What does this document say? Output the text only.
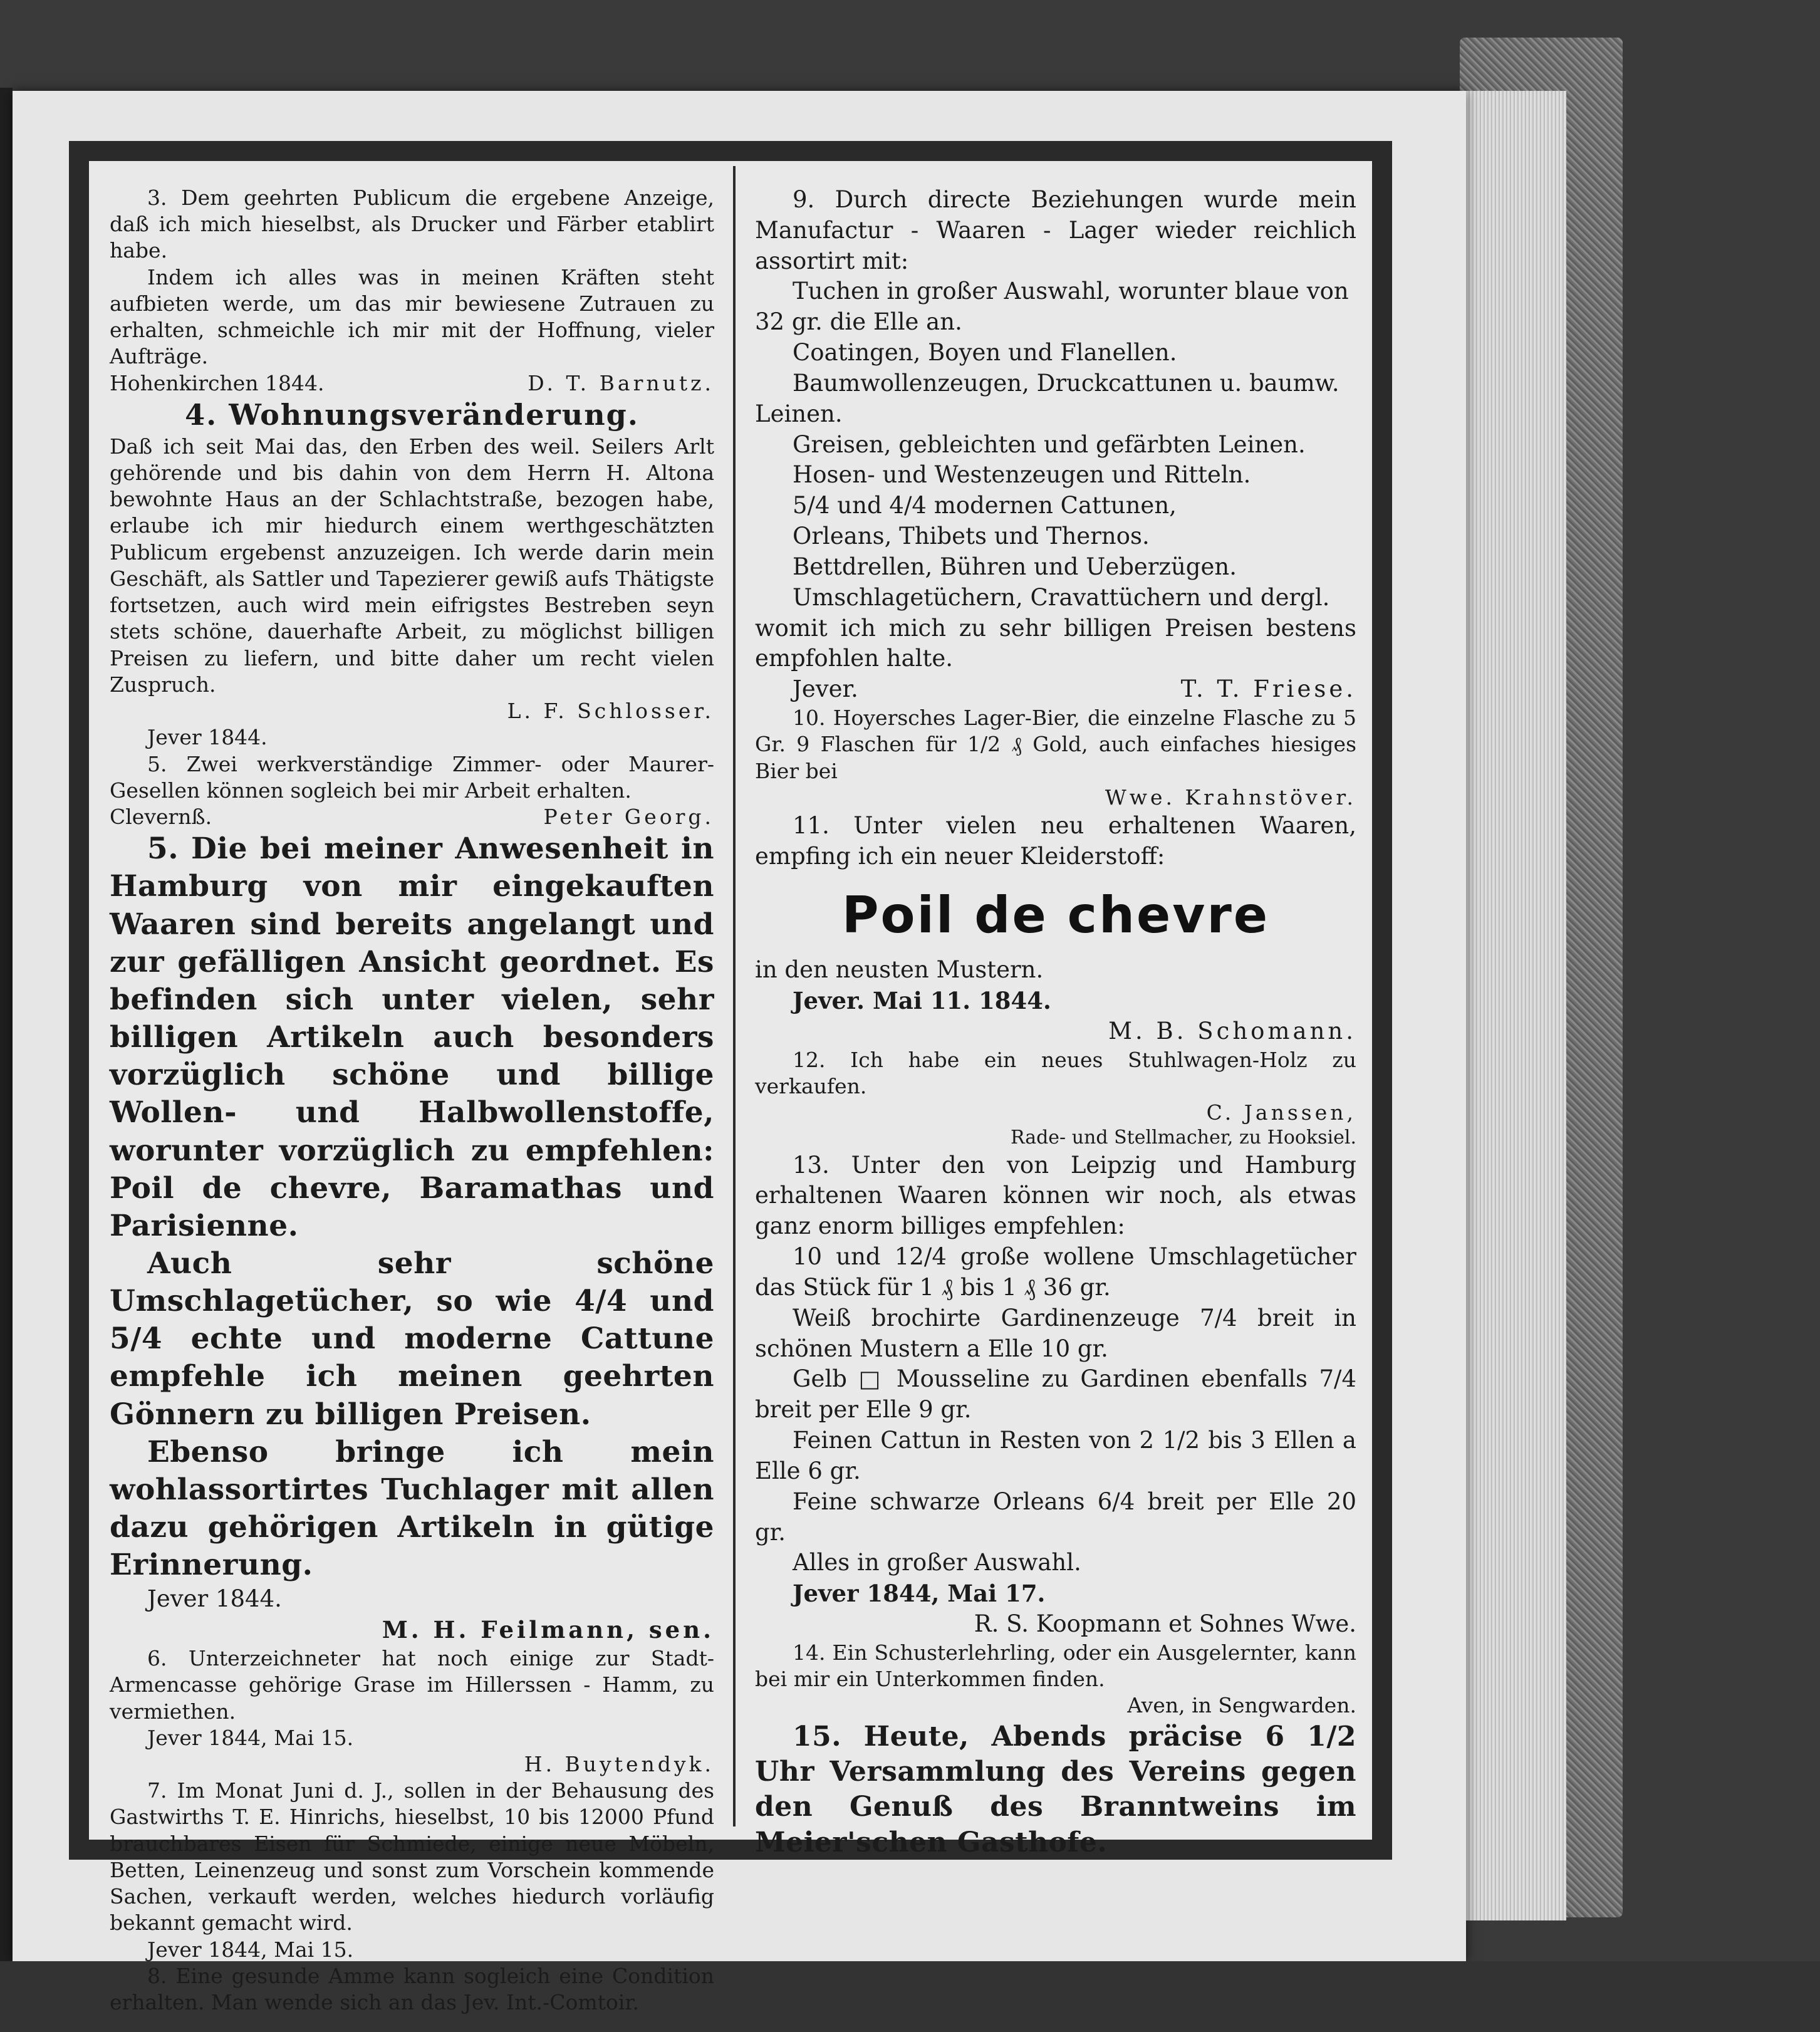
3. Dem geehrten Publicum die ergebene Anzeige, daß ich mich hieselbst, als Drucker und Färber etablirt habe.

Indem ich alles was in meinen Kräften steht aufbieten werde, um das mir bewiesene Zutrauen zu erhalten, schmeichle ich mir mit der Hoffnung, vieler Aufträge.

Hohenkirchen 1844.	D. T. Barnutz.

4. Wohnungsveränderung.

Daß ich seit Mai das, den Erben des weil. Seilers Arlt gehörende und bis dahin von dem Herrn H. Altona bewohnte Haus an der Schlachtstraße, bezogen habe, erlaube ich mir hiedurch einem werthgeschätzten Publicum ergebenst anzuzeigen. Ich werde darin mein Geschäft, als Sattler und Tapezierer gewiß aufs Thätigste fortsetzen, auch wird mein eifrigstes Bestreben seyn stets schöne, dauerhafte Arbeit, zu möglichst billigen Preisen zu liefern, und bitte daher um recht vielen Zuspruch.

L. F. Schlosser.

Jever 1844.

5. Zwei werkverständige Zimmer- oder Maurer-Gesellen können sogleich bei mir Arbeit erhalten.

Clevernß.	Peter Georg.

5. Die bei meiner Anwesenheit in Hamburg von mir eingekauften Waaren sind bereits angelangt und zur gefälligen Ansicht geordnet. Es befinden sich unter vielen, sehr billigen Artikeln auch besonders vorzüglich schöne und billige Wollen- und Halbwollenstoffe, worunter vorzüglich zu empfehlen: Poil de chevre, Baramathas und Parisienne.

Auch sehr schöne Umschlagetücher, so wie 4/4 und 5/4 echte und moderne Cattune empfehle ich meinen geehrten Gönnern zu billigen Preisen.

Ebenso bringe ich mein wohlassortirtes Tuchlager mit allen dazu gehörigen Artikeln in gütige Erinnerung.

Jever 1844.

M. H. Feilmann, sen.

6. Unterzeichneter hat noch einige zur Stadt-Armencasse gehörige Grase im Hillerssen - Hamm, zu vermiethen.

Jever 1844, Mai 15.

H. Buytendyk.

7. Im Monat Juni d. J., sollen in der Behausung des Gastwirths T. E. Hinrichs, hieselbst, 10 bis 12000 Pfund brauchbares Eisen für Schmiede, einige neue Möbeln, Betten, Leinenzeug und sonst zum Vorschein kommende Sachen, verkauft werden, welches hiedurch vorläufig bekannt gemacht wird.

Jever 1844, Mai 15.

8. Eine gesunde Amme kann sogleich eine Condition erhalten. Man wende sich an das Jev. Int.-Comtoir.

9. Durch directe Beziehungen wurde mein Manufactur - Waaren - Lager wieder reichlich assortirt mit:

Tuchen in großer Auswahl, worunter blaue von 32 gr. die Elle an.

Coatingen, Boyen und Flanellen.

Baumwollenzeugen, Druckcattunen u. baumw. Leinen.

Greisen, gebleichten und gefärbten Leinen.

Hosen- und Westenzeugen und Ritteln.

5/4 und 4/4 modernen Cattunen,

Orleans, Thibets und Thernos.

Bettdrellen, Bühren und Ueberzügen.

Umschlagetüchern, Cravattüchern und dergl.

womit ich mich zu sehr billigen Preisen bestens empfohlen halte.

Jever.	T. T. Friese.

10. Hoyersches Lager-Bier, die einzelne Flasche zu 5 Gr. 9 Flaschen für 1/2 ₰ Gold, auch einfaches hiesiges Bier bei

Wwe. Krahnstöver.

11. Unter vielen neu erhaltenen Waaren, empfing ich ein neuer Kleiderstoff:

Poil de chevre

in den neusten Mustern.

Jever. Mai 11. 1844.

M. B. Schomann.

12. Ich habe ein neues Stuhlwagen-Holz zu verkaufen.

C. Janssen,

Rade- und Stellmacher, zu Hooksiel.

13. Unter den von Leipzig und Hamburg erhaltenen Waaren können wir noch, als etwas ganz enorm billiges empfehlen:

10 und 12/4 große wollene Umschlagetücher das Stück für 1 ₰ bis 1 ₰ 36 gr.

Weiß brochirte Gardinenzeuge 7/4 breit in schönen Mustern a Elle 10 gr.

Gelb □ Mousseline zu Gardinen ebenfalls 7/4 breit per Elle 9 gr.

Feinen Cattun in Resten von 2 1/2 bis 3 Ellen a Elle 6 gr.

Feine schwarze Orleans 6/4 breit per Elle 20 gr.

Alles in großer Auswahl.

Jever 1844, Mai 17.

R. S. Koopmann et Sohnes Wwe.

14. Ein Schusterlehrling, oder ein Ausgelernter, kann bei mir ein Unterkommen finden.

Aven, in Sengwarden.

15. Heute, Abends präcise 6 1/2 Uhr Versammlung des Vereins gegen den Genuß des Branntweins im Meier'schen Gasthofe.
